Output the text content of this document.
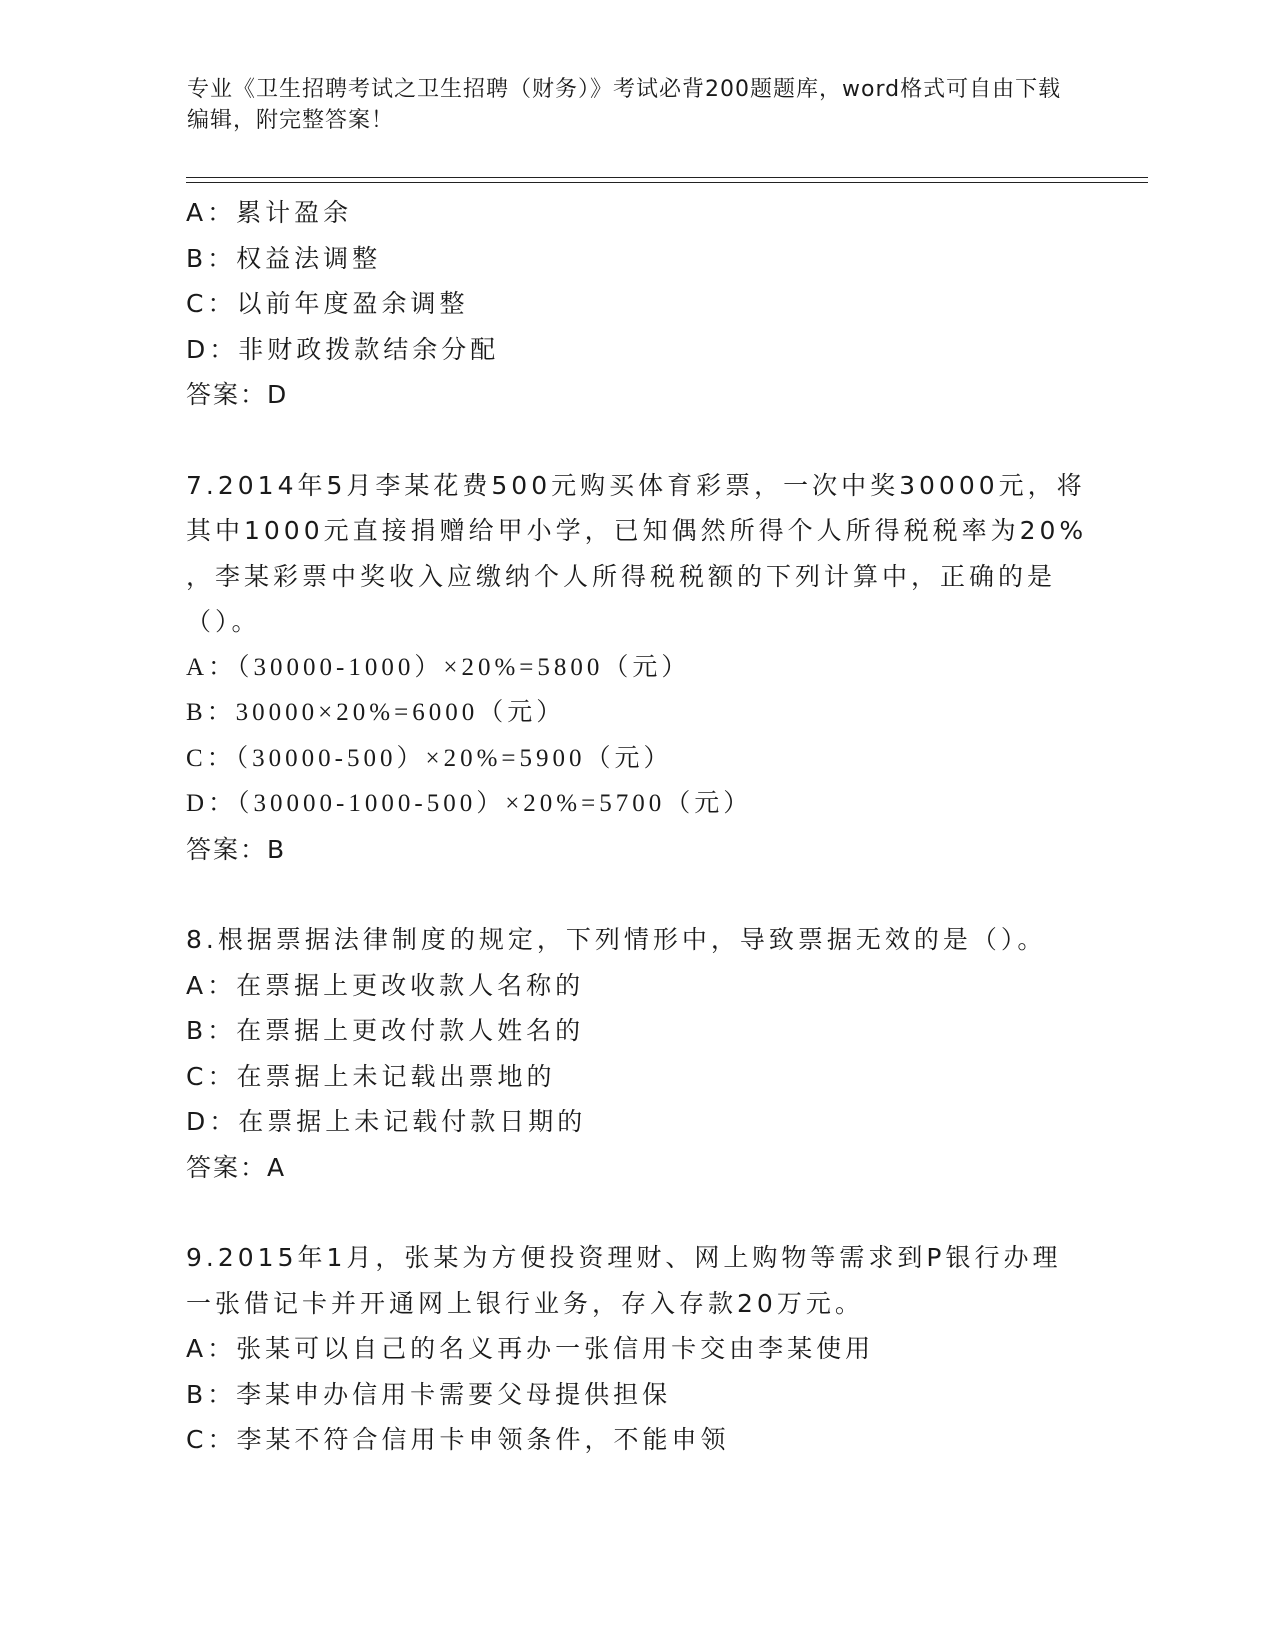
专业《卫生招聘考试之卫生招聘（财务）》考试必背200题题库，word格式可自由下载编辑，附完整答案！
A：累计盈余
B：权益法调整
C：以前年度盈余调整
D：非财政拨款结余分配
答案：D
7.2014年5月李某花费500元购买体育彩票，一次中奖30000元，将
其中1000元直接捐赠给甲小学，已知偶然所得个人所得税税率为20%
，李某彩票中奖收入应缴纳个人所得税税额的下列计算中，正确的是
（）。
A：（30000-1000）×20%=5800（元）
B：30000×20%=6000（元）
C：（30000-500）×20%=5900（元）
D：（30000-1000-500）×20%=5700（元）
答案：B
8.根据票据法律制度的规定，下列情形中，导致票据无效的是（）。
A：在票据上更改收款人名称的
B：在票据上更改付款人姓名的
C：在票据上未记载出票地的
D：在票据上未记载付款日期的
答案：A
9.2015年1月，张某为方便投资理财、网上购物等需求到P银行办理
一张借记卡并开通网上银行业务，存入存款20万元。
A：张某可以自己的名义再办一张信用卡交由李某使用
B：李某申办信用卡需要父母提供担保
C：李某不符合信用卡申领条件，不能申领
